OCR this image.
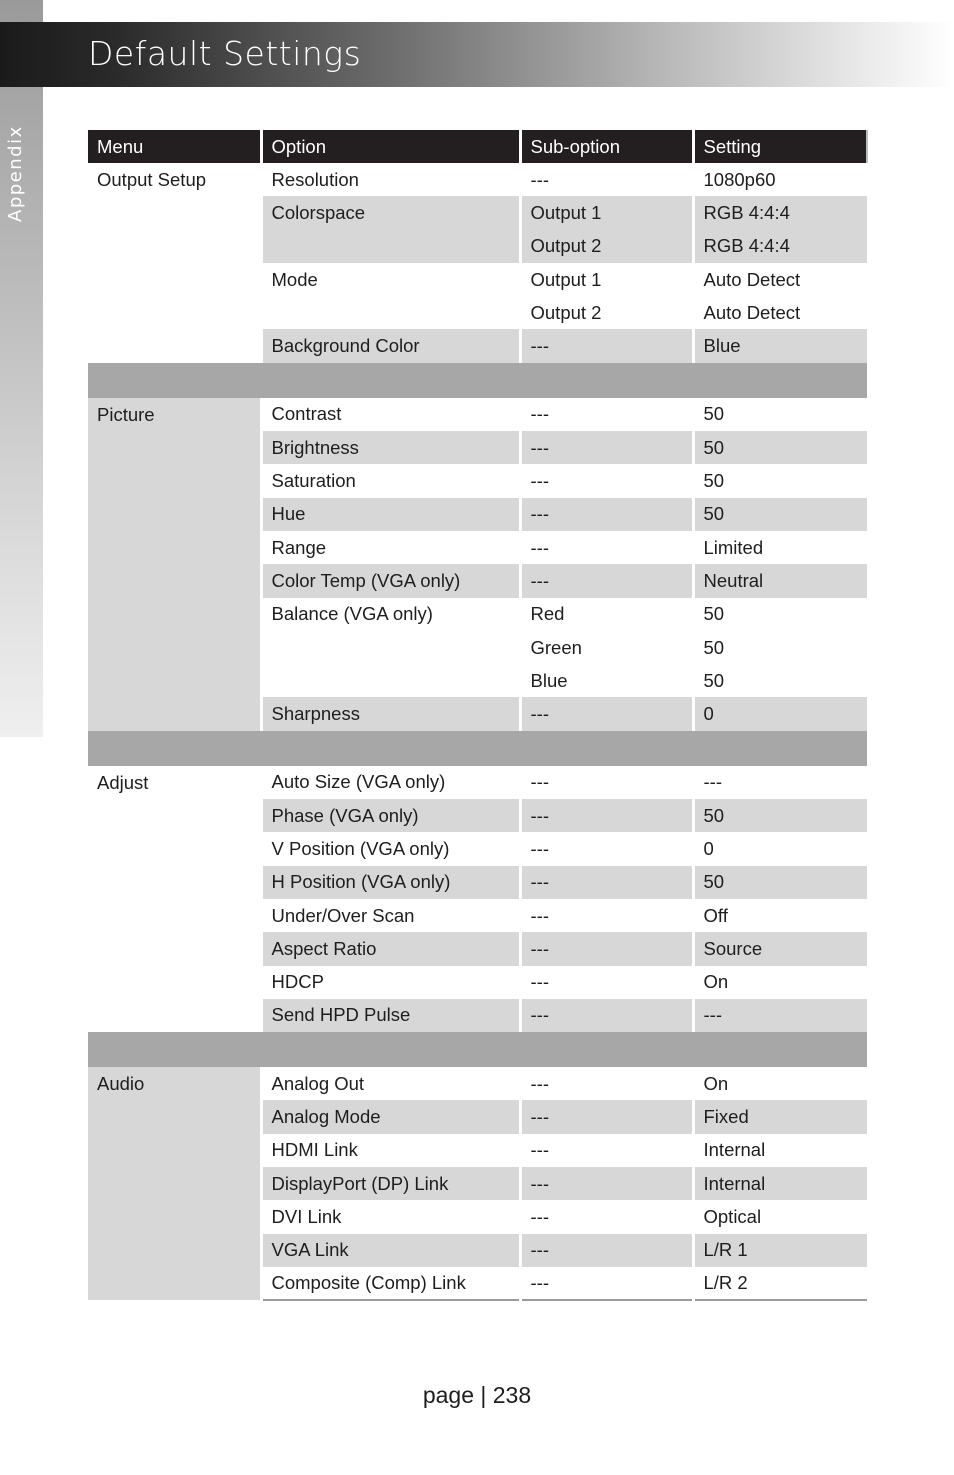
Appendix
Default Settings
Menu	Option	Sub-option	Setting
Output Setup	Resolution	---	1080p60
	Colorspace	Output 1	RGB 4:4:4
		Output 2	RGB 4:4:4
	Mode	Output 1	Auto Detect
		Output 2	Auto Detect
	Background Color	---	Blue

Picture	Contrast	---	50
	Brightness	---	50
	Saturation	---	50
	Hue	---	50
	Range	---	Limited
	Color Temp (VGA only)	---	Neutral
	Balance (VGA only)	Red	50
		Green	50
		Blue	50
	Sharpness	---	0

Adjust	Auto Size (VGA only)	---	---
	Phase (VGA only)	---	50
	V Position (VGA only)	---	0
	H Position (VGA only)	---	50
	Under/Over Scan	---	Off
	Aspect Ratio	---	Source
	HDCP	---	On
	Send HPD Pulse	---	---

Audio	Analog Out	---	On
	Analog Mode	---	Fixed
	HDMI Link	---	Internal
	DisplayPort (DP) Link	---	Internal
	DVI Link	---	Optical
	VGA Link	---	L/R 1
	Composite (Comp) Link	---	L/R 2
page | 238
